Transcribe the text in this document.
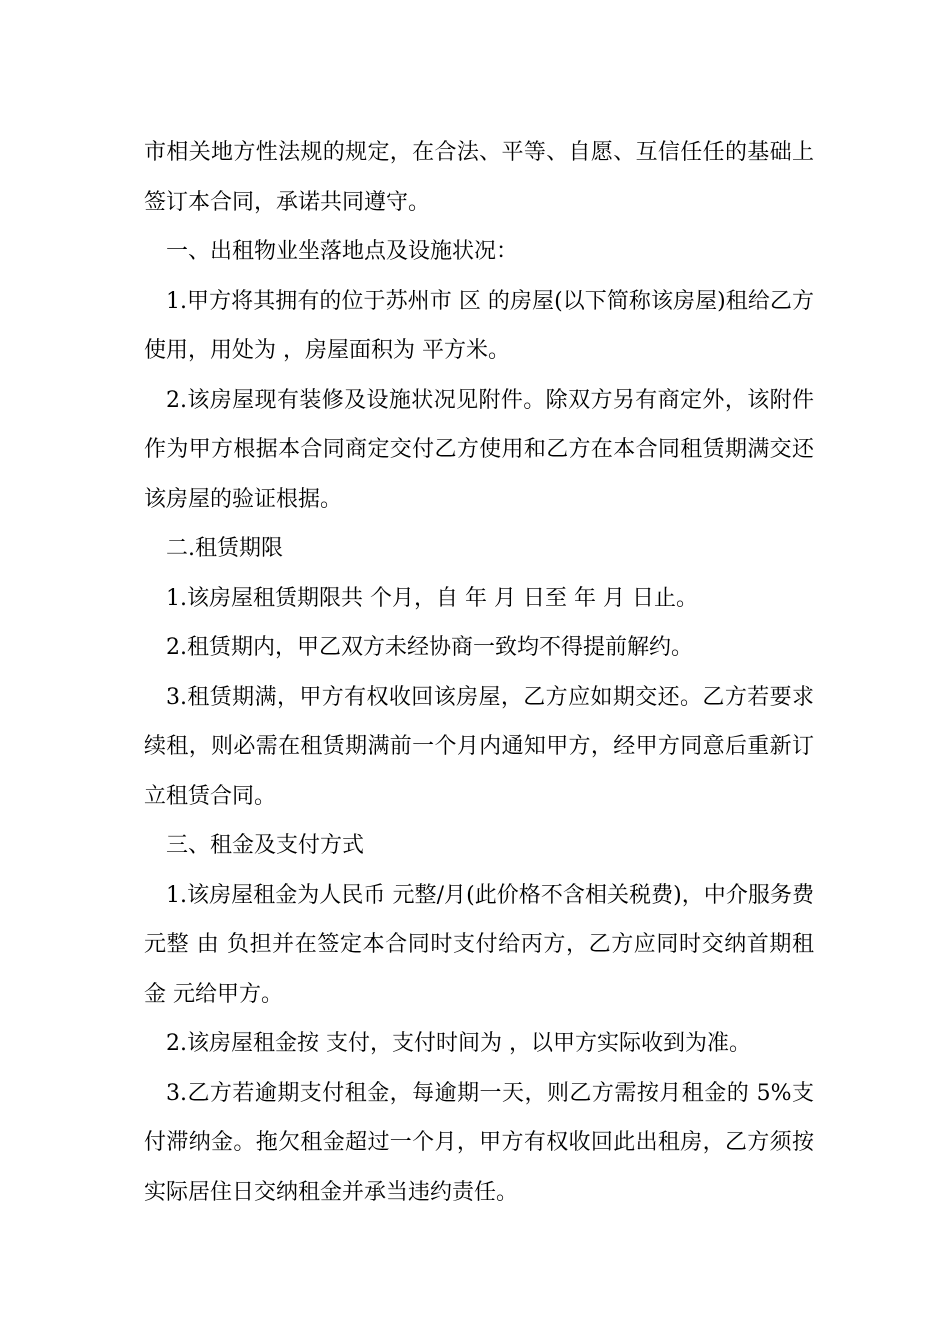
市相关地方性法规的规定，在合法、平等、自愿、互信任任的基础上签订本合同，承诺共同遵守。

一、出租物业坐落地点及设施状况：

1.甲方将其拥有的位于苏州市 区 的房屋(以下简称该房屋)租给乙方使用，用处为 ，房屋面积为 平方米。

2.该房屋现有装修及设施状况见附件。除双方另有商定外，该附件作为甲方根据本合同商定交付乙方使用和乙方在本合同租赁期满交还该房屋的验证根据。

二.租赁期限

1.该房屋租赁期限共 个月，自 年 月 日至 年 月 日止。

2.租赁期内，甲乙双方未经协商一致均不得提前解约。

3.租赁期满，甲方有权收回该房屋，乙方应如期交还。乙方若要求续租，则必需在租赁期满前一个月内通知甲方，经甲方同意后重新订立租赁合同。

三、租金及支付方式

1.该房屋租金为人民币 元整/月(此价格不含相关税费)，中介服务费 元整 由 负担并在签定本合同时支付给丙方，乙方应同时交纳首期租金 元给甲方。

2.该房屋租金按 支付，支付时间为 ，以甲方实际收到为准。

3.乙方若逾期支付租金，每逾期一天，则乙方需按月租金的 5%支付滞纳金。拖欠租金超过一个月，甲方有权收回此出租房，乙方须按实际居住日交纳租金并承当违约责任。
